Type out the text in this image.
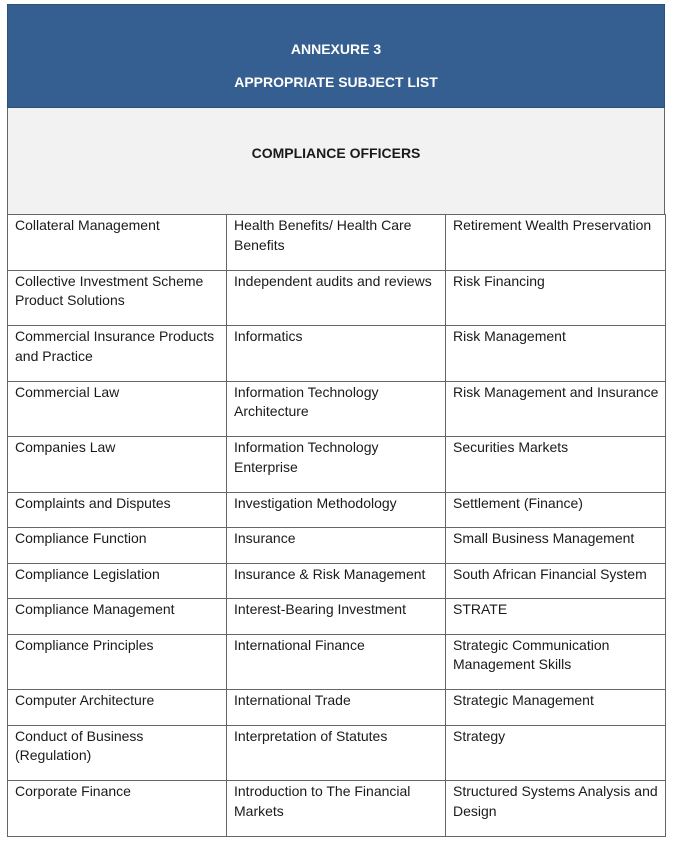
ANNEXURE 3
APPROPRIATE SUBJECT LIST
COMPLIANCE OFFICERS
Collateral Management	Health Benefits/ Health Care Benefits	Retirement Wealth Preservation
Collective Investment Scheme Product Solutions	Independent audits and reviews	Risk Financing
Commercial Insurance Products and Practice	Informatics	Risk Management
Commercial Law	Information Technology Architecture	Risk Management and Insurance
Companies Law	Information Technology Enterprise	Securities Markets
Complaints and Disputes	Investigation Methodology	Settlement (Finance)
Compliance Function	Insurance	Small Business Management
Compliance Legislation	Insurance & Risk Management	South African Financial System
Compliance Management	Interest-Bearing Investment	STRATE
Compliance Principles	International Finance	Strategic Communication Management Skills
Computer Architecture	International Trade	Strategic Management
Conduct of Business (Regulation)	Interpretation of Statutes	Strategy
Corporate Finance	Introduction to The Financial Markets	Structured Systems Analysis and Design
